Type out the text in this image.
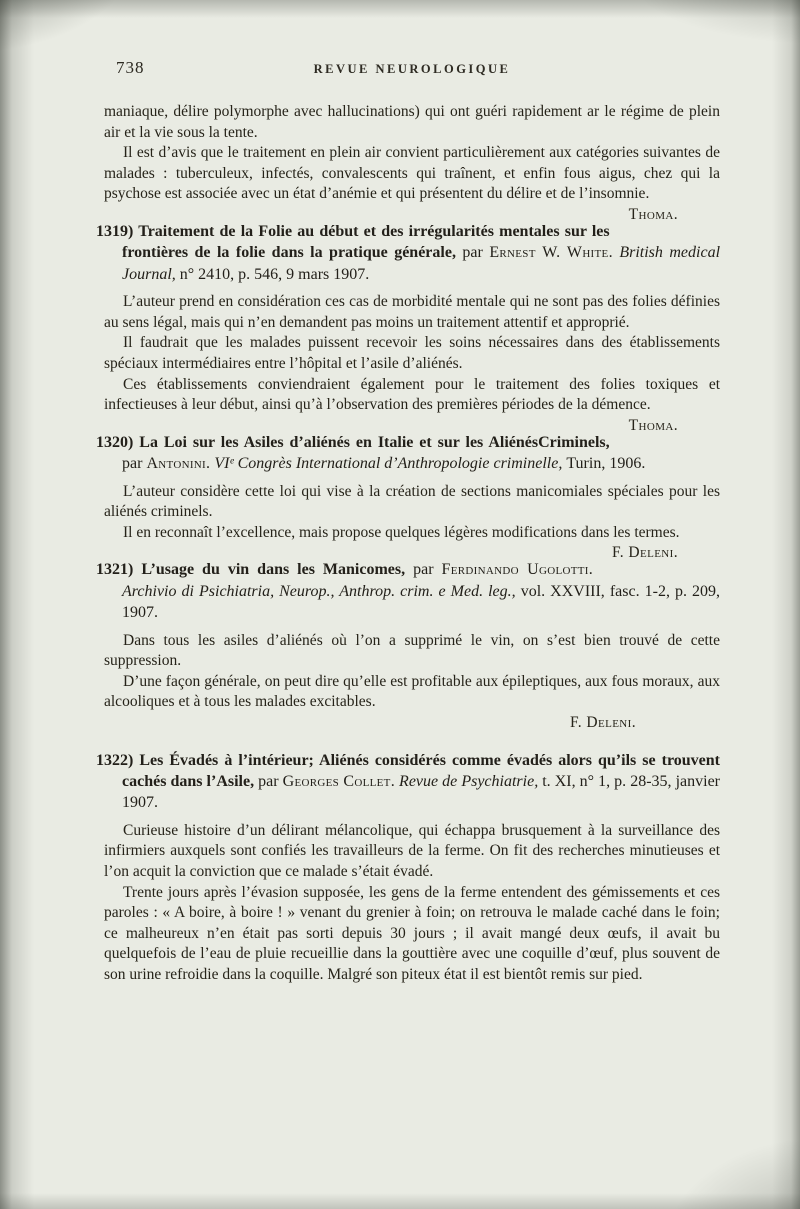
738	REVUE NEUROLOGIQUE

maniaque, délire polymorphe avec hallucinations) qui ont guéri rapidement ar le régime de plein air et la vie sous la tente.

Il est d’avis que le traitement en plein air convient particulièrement aux catégories suivantes de malades : tuberculeux, infectés, convalescents qui traînent, et enfin fous aigus, chez qui la psychose est associée avec un état d’anémie et qui présentent du délire et de l’insomnie.
Thoma.

1319) Traitement de la Folie au début et des irrégularités mentales sur les frontières de la folie dans la pratique générale, par Ernest W. White. British medical Journal, n° 2410, p. 546, 9 mars 1907.

L’auteur prend en considération ces cas de morbidité mentale qui ne sont pas des folies définies au sens légal, mais qui n’en demandent pas moins un traitement attentif et approprié.

Il faudrait que les malades puissent recevoir les soins nécessaires dans des établissements spéciaux intermédiaires entre l’hôpital et l’asile d’aliénés.

Ces établissements conviendraient également pour le traitement des folies toxiques et infectieuses à leur début, ainsi qu’à l’observation des premières périodes de la démence.
Thoma.

1320) La Loi sur les Asiles d’aliénés en Italie et sur les AliénésCriminels, par Antonini. VIᵉ Congrès International d’Anthropologie criminelle, Turin, 1906.

L’auteur considère cette loi qui vise à la création de sections manicomiales spéciales pour les aliénés criminels.

Il en reconnaît l’excellence, mais propose quelques légères modifications dans les termes.
F. Deleni.

1321) L’usage du vin dans les Manicomes, par Ferdinando Ugolotti. Archivio di Psichiatria, Neurop., Anthrop. crim. e Med. leg., vol. XXVIII, fasc. 1-2, p. 209, 1907.

Dans tous les asiles d’aliénés où l’on a supprimé le vin, on s’est bien trouvé de cette suppression.

D’une façon générale, on peut dire qu’elle est profitable aux épileptiques, aux fous moraux, aux alcooliques et à tous les malades excitables.

F. Deleni.

1322) Les Évadés à l’intérieur; Aliénés considérés comme évadés alors qu’ils se trouvent cachés dans l’Asile, par Georges Collet. Revue de Psychiatrie, t. XI, n° 1, p. 28-35, janvier 1907.

Curieuse histoire d’un délirant mélancolique, qui échappa brusquement à la surveillance des infirmiers auxquels sont confiés les travailleurs de la ferme. On fit des recherches minutieuses et l’on acquit la conviction que ce malade s’était évadé.

Trente jours après l’évasion supposée, les gens de la ferme entendent des gémissements et ces paroles : « A boire, à boire ! » venant du grenier à foin; on retrouva le malade caché dans le foin; ce malheureux n’en était pas sorti depuis 30 jours ; il avait mangé deux œufs, il avait bu quelquefois de l’eau de pluie recueillie dans la gouttière avec une coquille d’œuf, plus souvent de son urine refroidie dans la coquille. Malgré son piteux état il est bientôt remis sur pied.
